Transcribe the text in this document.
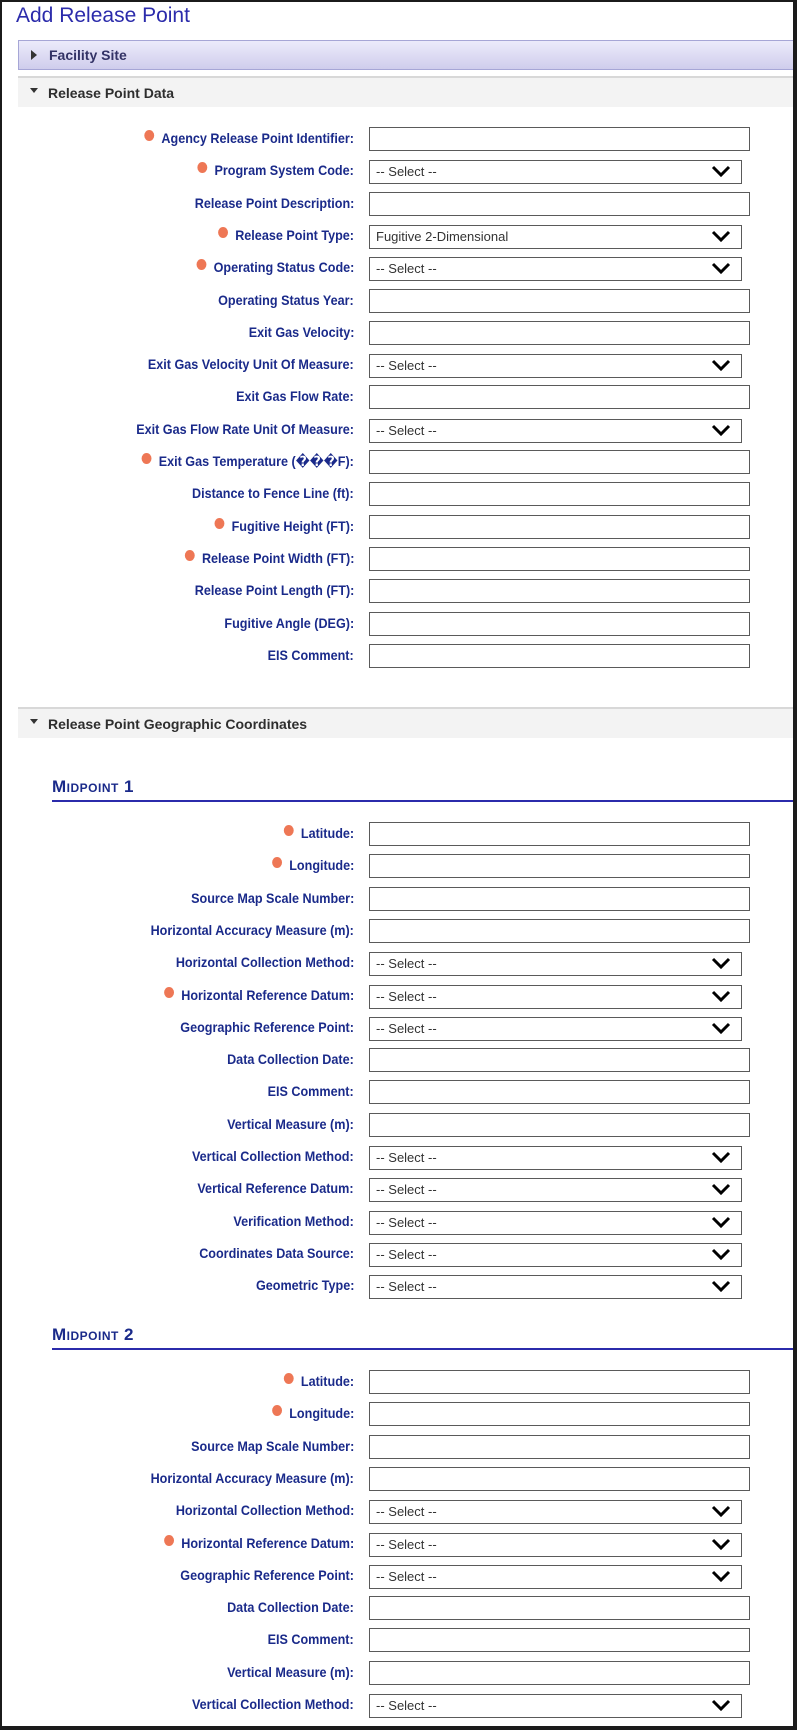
Add Release Point
Facility Site
Release Point Data
Agency Release Point Identifier:
Program System Code:	-- Select --
Release Point Description:
Release Point Type:	Fugitive 2-Dimensional
Operating Status Code:	-- Select --
Operating Status Year:
Exit Gas Velocity:
Exit Gas Velocity Unit Of Measure:	-- Select --
Exit Gas Flow Rate:
Exit Gas Flow Rate Unit Of Measure:	-- Select --
Exit Gas Temperature (���F):
Distance to Fence Line (ft):
Fugitive Height (FT):
Release Point Width (FT):
Release Point Length (FT):
Fugitive Angle (DEG):
EIS Comment:
Release Point Geographic Coordinates
Midpoint 1
Latitude:
Longitude:
Source Map Scale Number:
Horizontal Accuracy Measure (m):
Horizontal Collection Method:	-- Select --
Horizontal Reference Datum:	-- Select --
Geographic Reference Point:	-- Select --
Data Collection Date:
EIS Comment:
Vertical Measure (m):
Vertical Collection Method:	-- Select --
Vertical Reference Datum:	-- Select --
Verification Method:	-- Select --
Coordinates Data Source:	-- Select --
Geometric Type:	-- Select --
Midpoint 2
Latitude:
Longitude:
Source Map Scale Number:
Horizontal Accuracy Measure (m):
Horizontal Collection Method:	-- Select --
Horizontal Reference Datum:	-- Select --
Geographic Reference Point:	-- Select --
Data Collection Date:
EIS Comment:
Vertical Measure (m):
Vertical Collection Method:	-- Select --
